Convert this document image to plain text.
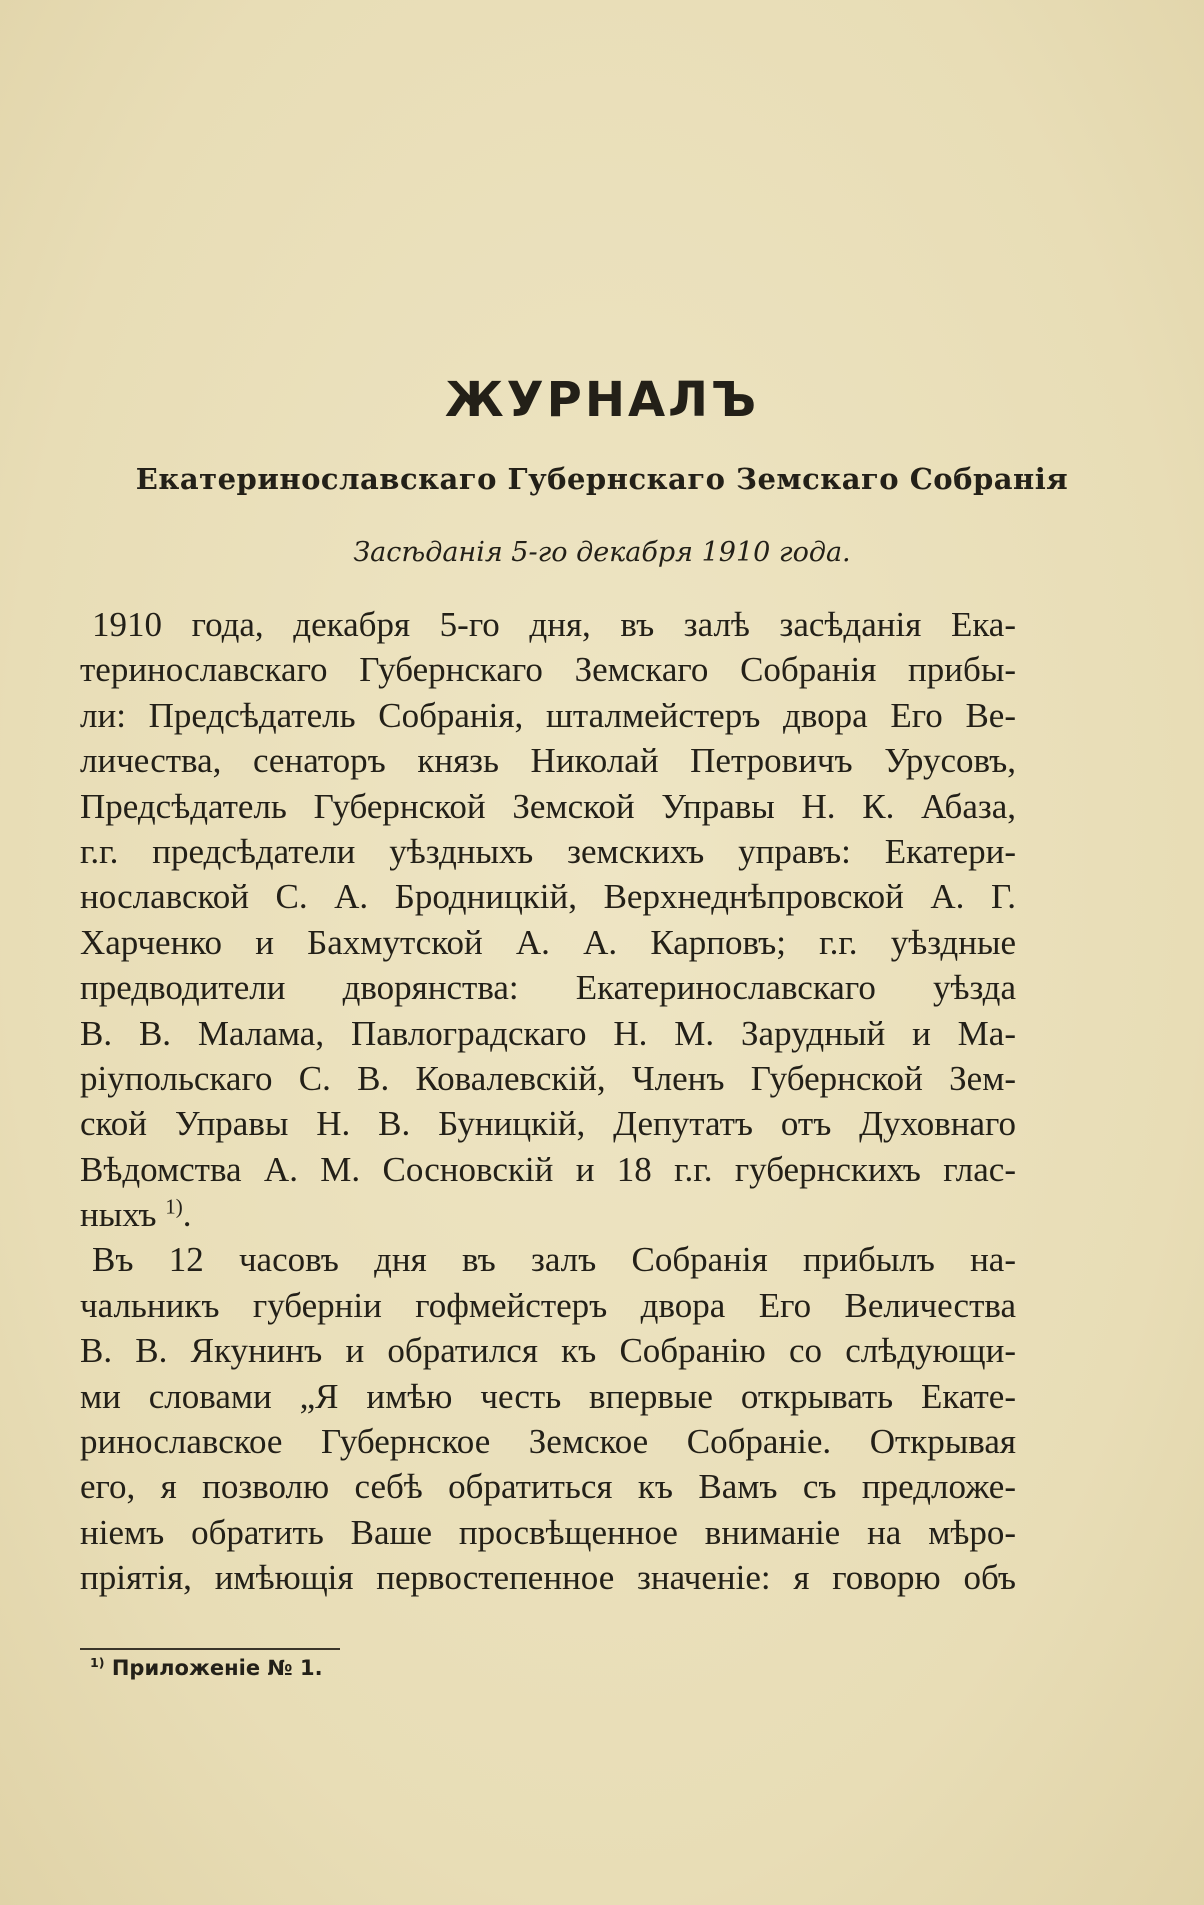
ЖУРНАЛЪ
Екатеринославскаго Губернскаго Земскаго Собранія
Засѣданія 5-го декабря 1910 года.
1910 года, декабря 5-го дня, въ залѣ засѣданія Ека-
теринославскаго Губернскаго Земскаго Собранія прибы-
ли: Предсѣдатель Собранія, шталмейстеръ двора Его Ве-
личества, сенаторъ князь Николай Петровичъ Урусовъ,
Предсѣдатель Губернской Земской Управы Н. К. Абаза,
г.г. предсѣдатели уѣздныхъ земскихъ управъ: Екатери-
нославской С. А. Бродницкій, Верхнеднѣпровской А. Г.
Харченко и Бахмутской А. А. Карповъ; г.г. уѣздные
предводители дворянства: Екатеринославскаго уѣзда
В. В. Малама, Павлоградскаго Н. М. Зарудный и Ма-
ріупольскаго С. В. Ковалевскій, Членъ Губернской Зем-
ской Управы Н. В. Буницкій, Депутатъ отъ Духовнаго
Вѣдомства А. М. Сосновскій и 18 г.г. губернскихъ глас-
ныхъ $^{1)}$.
Въ 12 часовъ дня въ залъ Собранія прибылъ на-
чальникъ губерніи гофмейстеръ двора Его Величества
В. В. Якунинъ и обратился къ Собранію со слѣдующи-
ми словами „Я имѣю честь впервые открывать Екате-
ринославское Губернское Земское Собраніе. Открывая
его, я позволю себѣ обратиться къ Вамъ съ предложе-
ніемъ обратить Ваше просвѣщенное вниманіе на мѣро-
пріятія, имѣющія первостепенное значеніе: я говорю объ
$^{1)}$ Приложеніе № 1.
